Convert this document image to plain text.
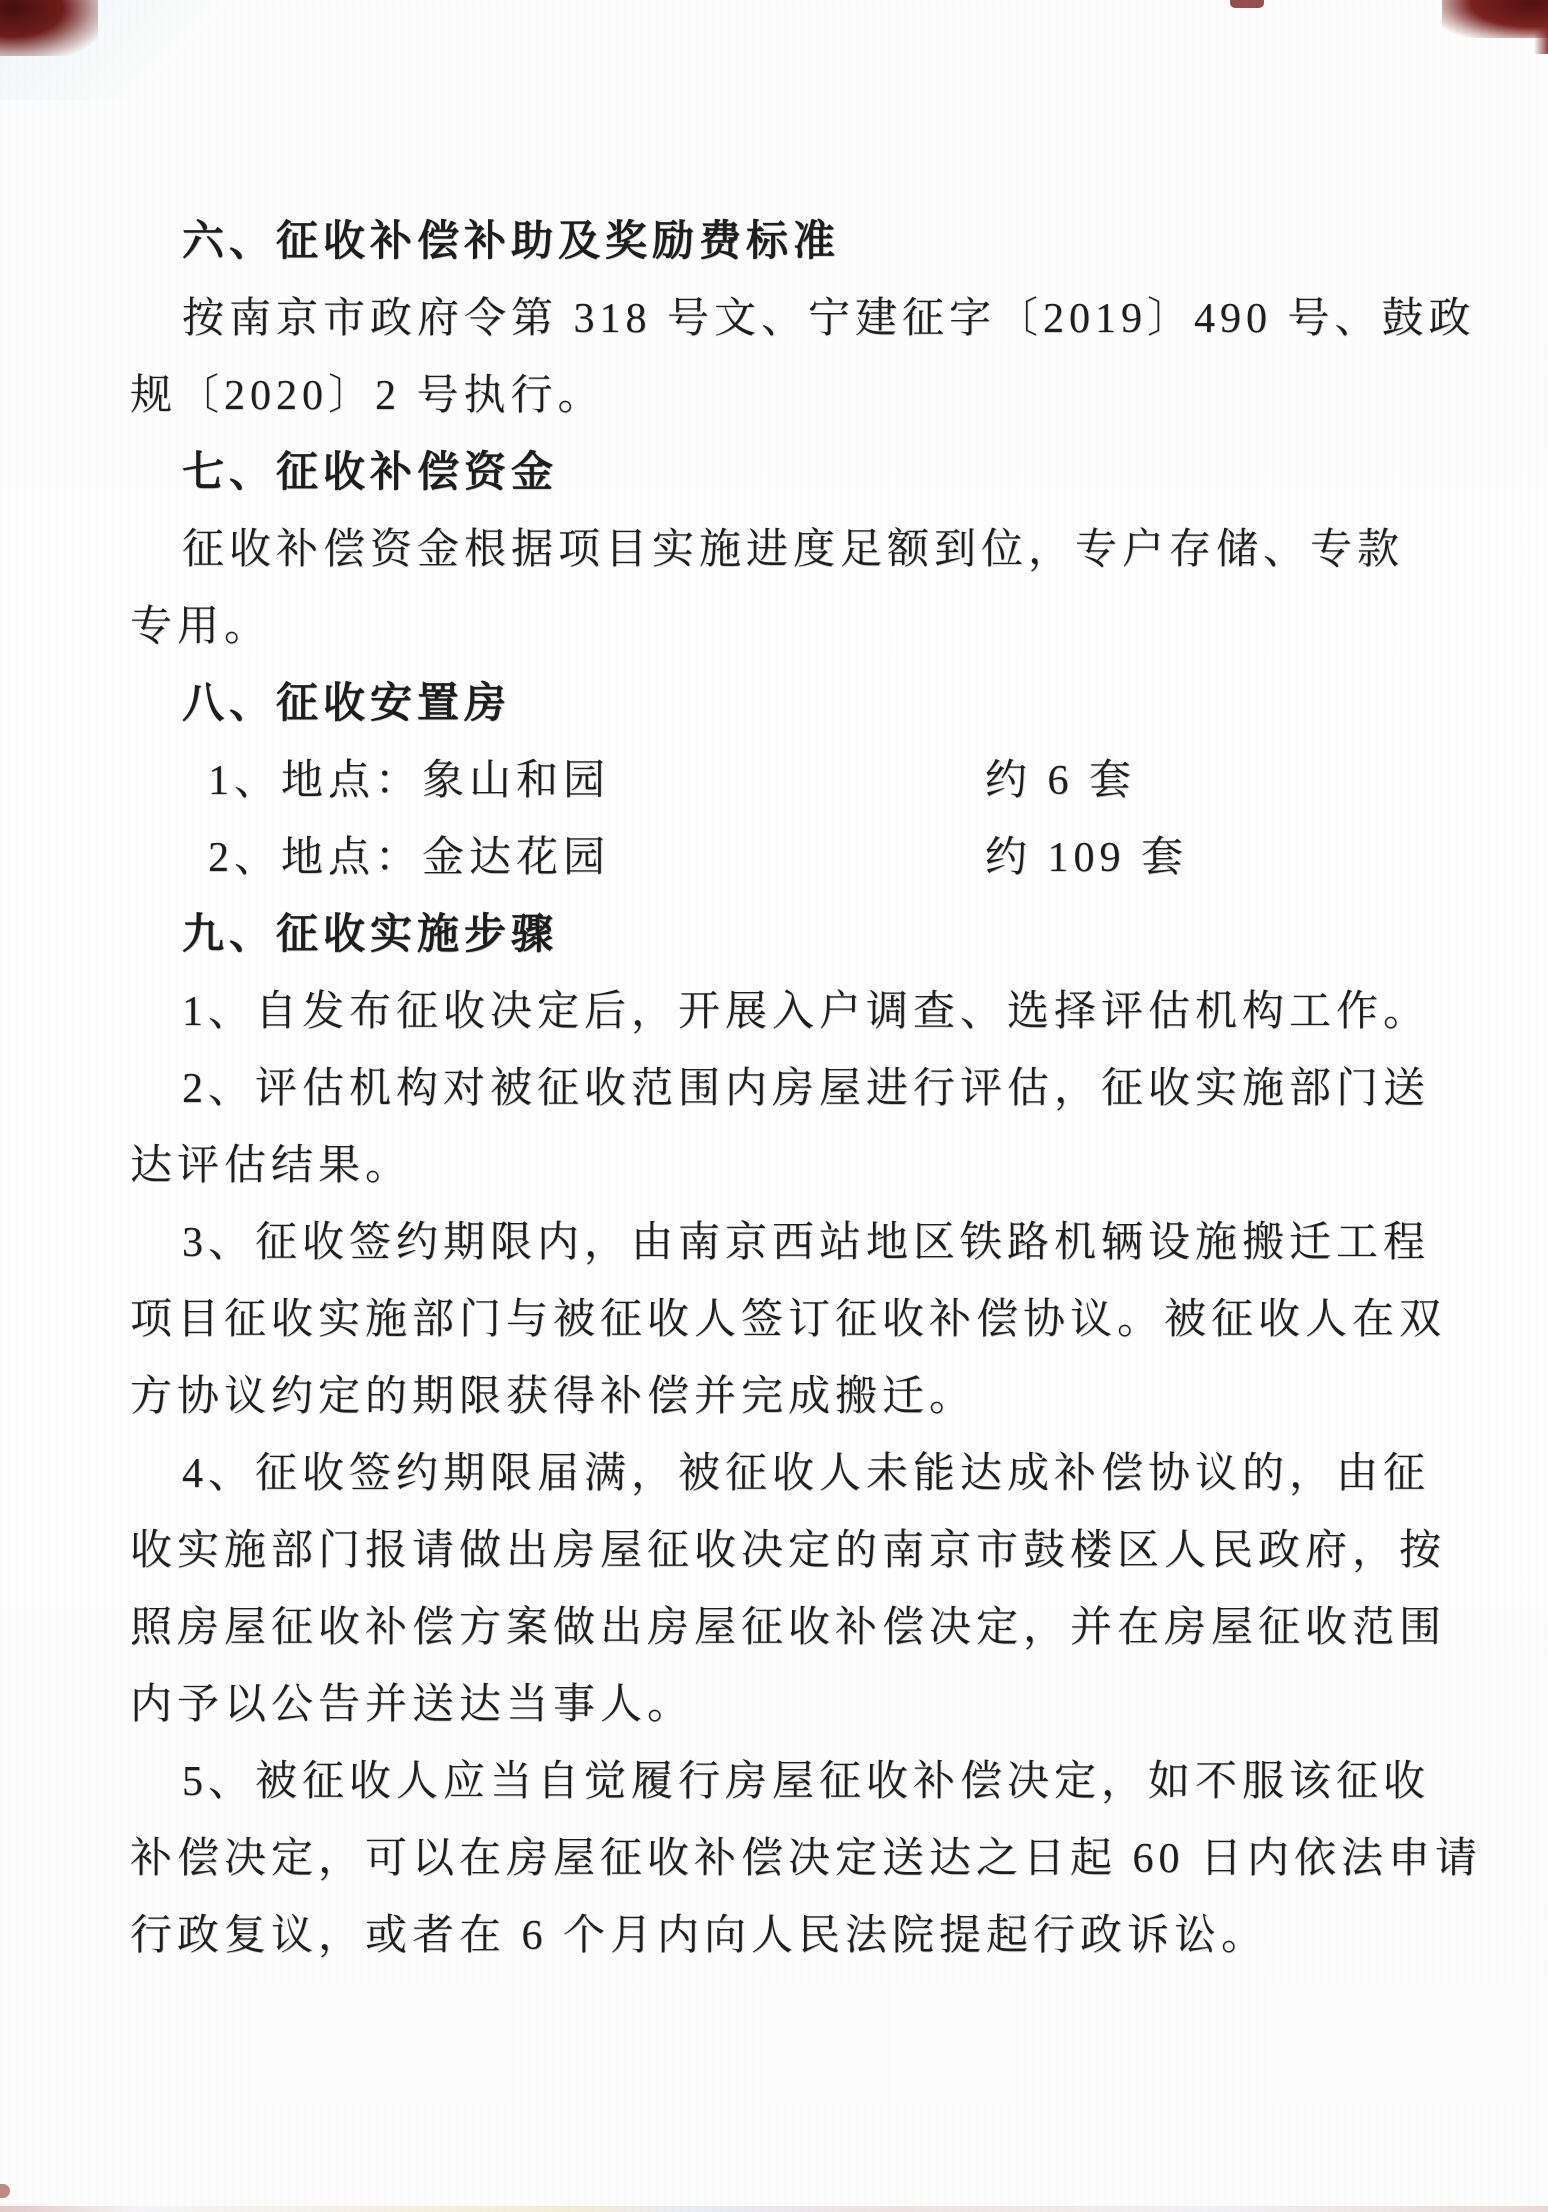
六、征收补偿补助及奖励费标准
按南京市政府令第 318 号文、宁建征字〔2019〕490 号、鼓政
规〔2020〕2 号执行。
七、征收补偿资金
征收补偿资金根据项目实施进度足额到位，专户存储、专款
专用。
八、征收安置房
1、地点：象山和园	约 6 套
2、地点：金达花园	约 109 套
九、征收实施步骤
1、自发布征收决定后，开展入户调查、选择评估机构工作。
2、评估机构对被征收范围内房屋进行评估，征收实施部门送
达评估结果。
3、征收签约期限内，由南京西站地区铁路机辆设施搬迁工程
项目征收实施部门与被征收人签订征收补偿协议。被征收人在双
方协议约定的期限获得补偿并完成搬迁。
4、征收签约期限届满，被征收人未能达成补偿协议的，由征
收实施部门报请做出房屋征收决定的南京市鼓楼区人民政府，按
照房屋征收补偿方案做出房屋征收补偿决定，并在房屋征收范围
内予以公告并送达当事人。
5、被征收人应当自觉履行房屋征收补偿决定，如不服该征收
补偿决定，可以在房屋征收补偿决定送达之日起 60 日内依法申请
行政复议，或者在 6 个月内向人民法院提起行政诉讼。
